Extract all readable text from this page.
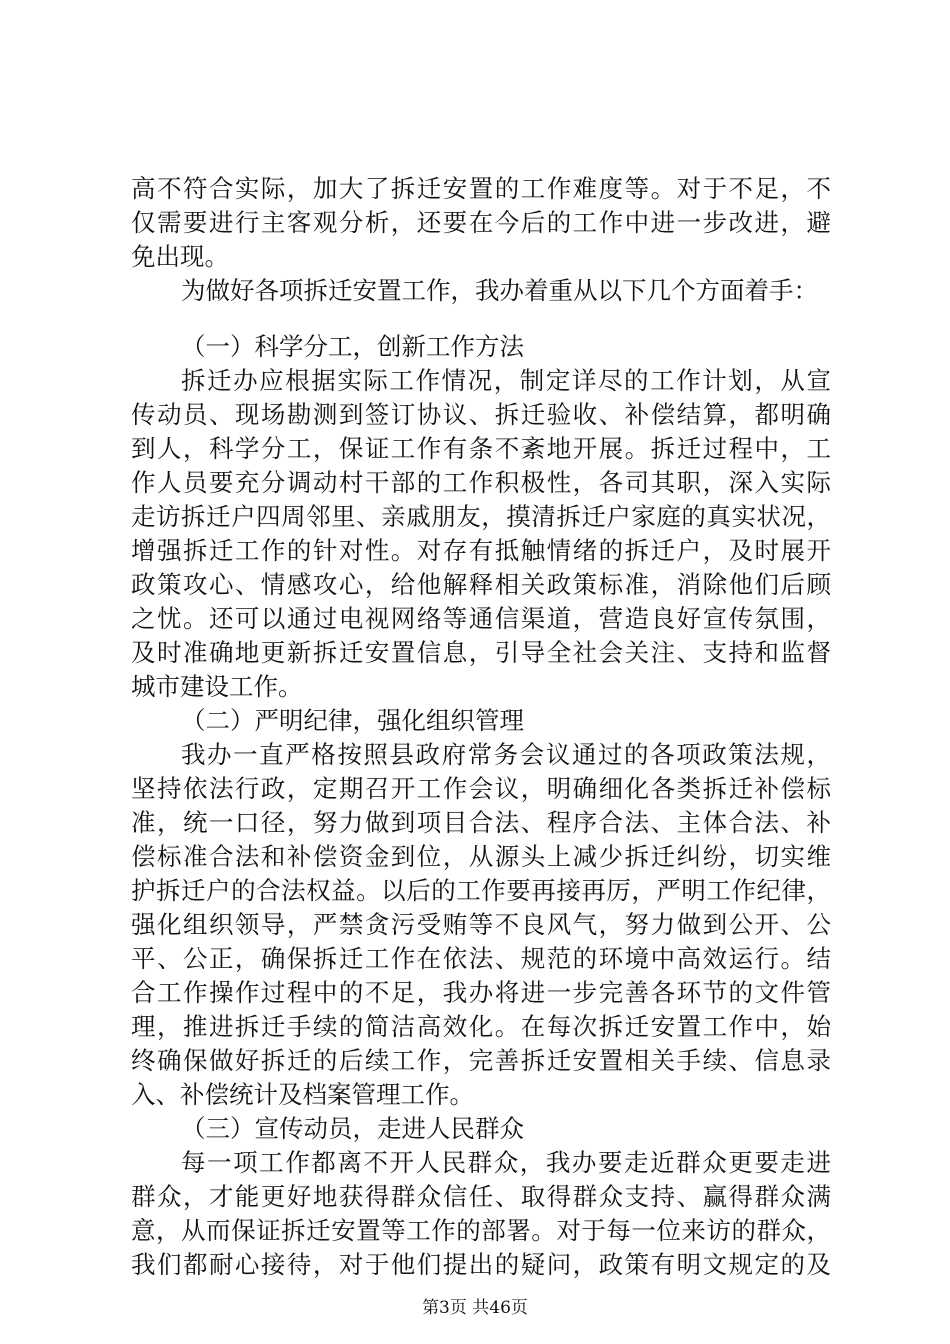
高不符合实际，加大了拆迁安置的工作难度等。对于不足，不
仅需要进行主客观分析，还要在今后的工作中进一步改进，避
免出现。
为做好各项拆迁安置工作，我办着重从以下几个方面着手：
（一）科学分工，创新工作方法
拆迁办应根据实际工作情况，制定详尽的工作计划，从宣
传动员、现场勘测到签订协议、拆迁验收、补偿结算，都明确
到人，科学分工，保证工作有条不紊地开展。拆迁过程中，工
作人员要充分调动村干部的工作积极性，各司其职，深入实际
走访拆迁户四周邻里、亲戚朋友，摸清拆迁户家庭的真实状况，
增强拆迁工作的针对性。对存有抵触情绪的拆迁户，及时展开
政策攻心、情感攻心，给他解释相关政策标准，消除他们后顾
之忧。还可以通过电视网络等通信渠道，营造良好宣传氛围，
及时准确地更新拆迁安置信息，引导全社会关注、支持和监督
城市建设工作。
（二）严明纪律，强化组织管理
我办一直严格按照县政府常务会议通过的各项政策法规，
坚持依法行政，定期召开工作会议，明确细化各类拆迁补偿标
准，统一口径，努力做到项目合法、程序合法、主体合法、补
偿标准合法和补偿资金到位，从源头上减少拆迁纠纷，切实维
护拆迁户的合法权益。以后的工作要再接再厉，严明工作纪律，
强化组织领导，严禁贪污受贿等不良风气，努力做到公开、公
平、公正，确保拆迁工作在依法、规范的环境中高效运行。结
合工作操作过程中的不足，我办将进一步完善各环节的文件管
理，推进拆迁手续的简洁高效化。在每次拆迁安置工作中，始
终确保做好拆迁的后续工作，完善拆迁安置相关手续、信息录
入、补偿统计及档案管理工作。
（三）宣传动员，走进人民群众
每一项工作都离不开人民群众，我办要走近群众更要走进
群众，才能更好地获得群众信任、取得群众支持、赢得群众满
意，从而保证拆迁安置等工作的部署。对于每一位来访的群众，
我们都耐心接待，对于他们提出的疑问，政策有明文规定的及
第3页 共46页
